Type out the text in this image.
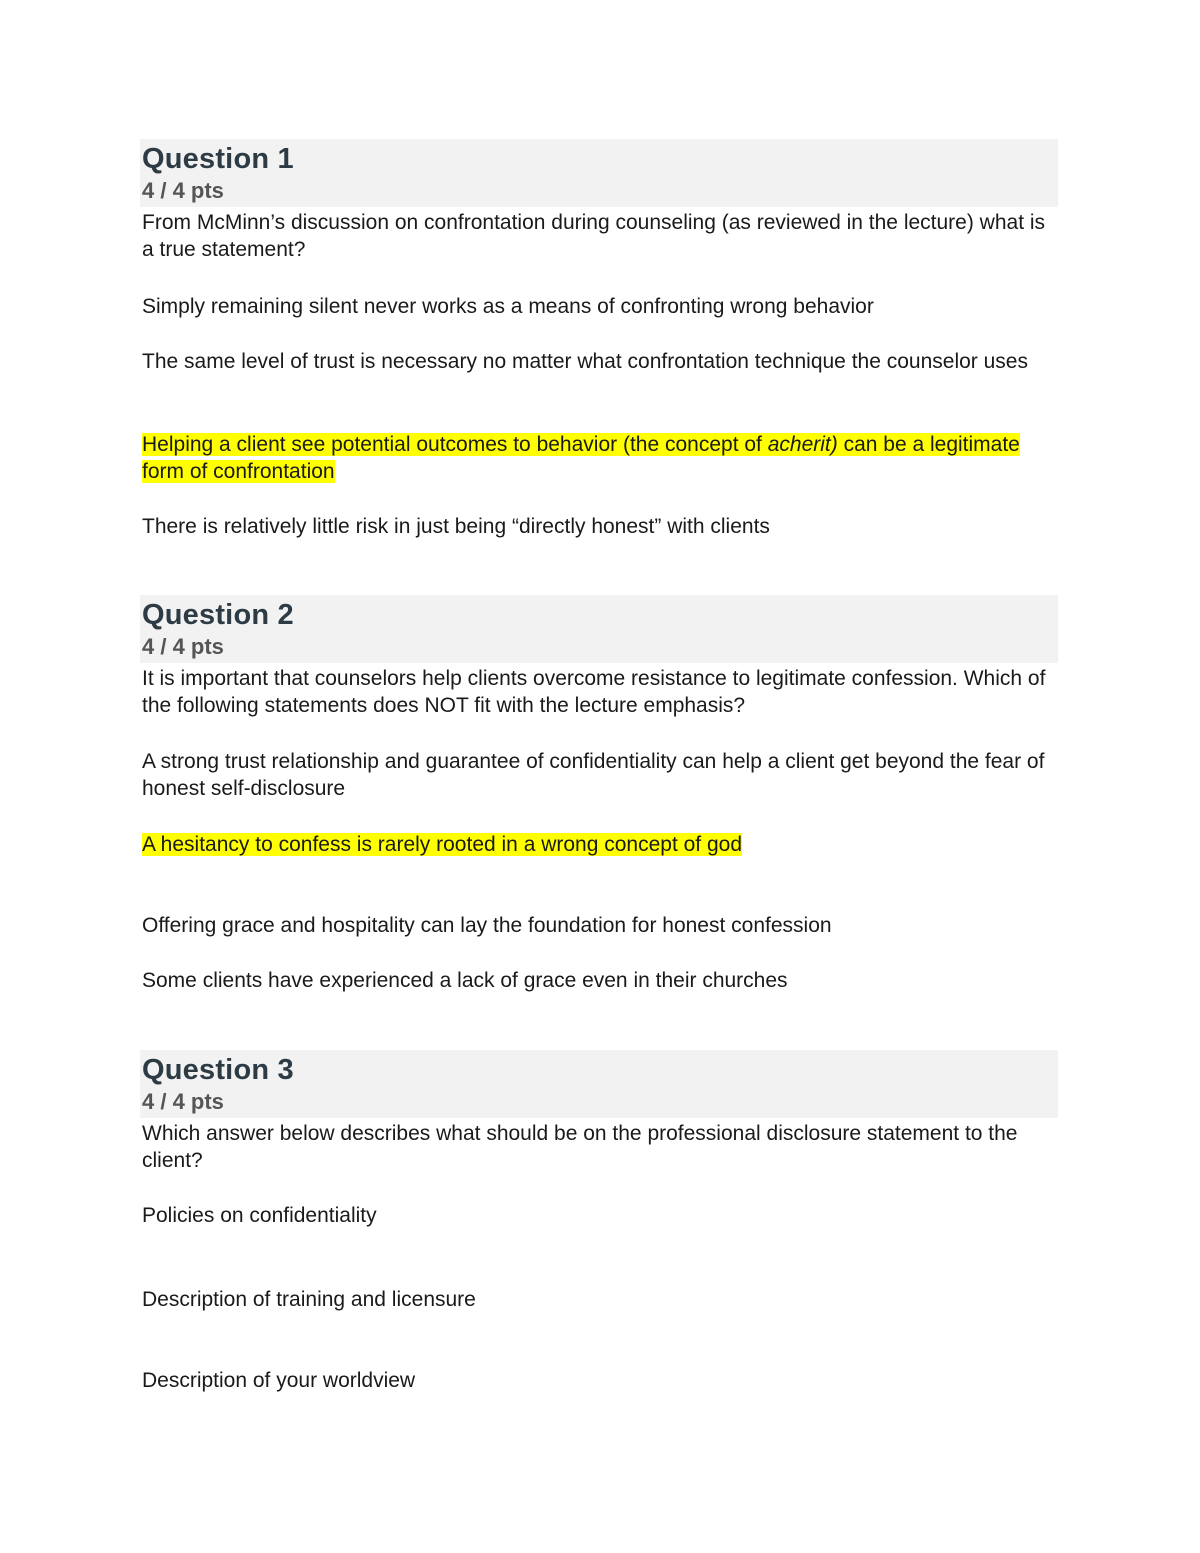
Question 1
4 / 4 pts

From McMinn’s discussion on confrontation during counseling (as reviewed in the lecture) what is a true statement?

Simply remaining silent never works as a means of confronting wrong behavior
The same level of trust is necessary no matter what confrontation technique the counselor uses
Helping a client see potential outcomes to behavior (the concept of acherit) can be a legitimate form of confrontation
There is relatively little risk in just being “directly honest” with clients
Question 2
4 / 4 pts

It is important that counselors help clients overcome resistance to legitimate confession. Which of the following statements does NOT fit with the lecture emphasis?

A strong trust relationship and guarantee of confidentiality can help a client get beyond the fear of honest self-disclosure
A hesitancy to confess is rarely rooted in a wrong concept of god
Offering grace and hospitality can lay the foundation for honest confession
Some clients have experienced a lack of grace even in their churches
Question 3
4 / 4 pts

Which answer below describes what should be on the professional disclosure statement to the client?

Policies on confidentiality
Description of training and licensure
Description of your worldview
